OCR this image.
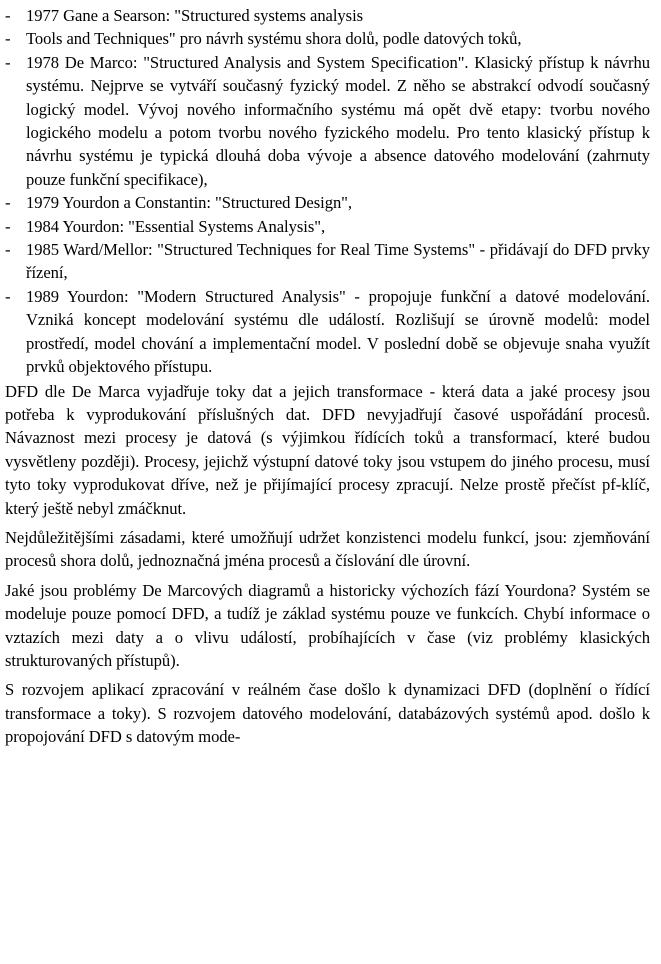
- 1977 Gane a Searson: "Structured systems analysis
- Tools and Techniques" pro návrh systému shora dolů, podle datových toků,
- 1978 De Marco: "Structured Analysis and System Specification". Klasický přístup k návrhu systému. Nejprve se vytváří současný fyzický model. Z něho se abstrakcí odvodí současný logický model. Vývoj nového informačního systému má opět dvě etapy: tvorbu nového logického modelu a potom tvorbu nového fyzického modelu. Pro tento klasický přístup k návrhu systému je typická dlouhá doba vývoje a absence datového modelování (zahrnuty pouze funkční specifikace),
- 1979 Yourdon a Constantin: "Structured Design",
- 1984 Yourdon: "Essential Systems Analysis",
- 1985 Ward/Mellor: "Structured Techniques for Real Time Systems" - přidávají do DFD prvky řízení,
- 1989 Yourdon: "Modern Structured Analysis" - propojuje funkční a datové modelování. Vzniká koncept modelování systému dle událostí. Rozlišují se úrovně modelů: model prostředí, model chování a implementační model. V poslední době se objevuje snaha využít prvků objektového přístupu.

DFD dle De Marca vyjadřuje toky dat a jejich transformace - která data a jaké procesy jsou potřeba k vyprodukování příslušných dat. DFD nevyjadřují časové uspořádání procesů. Návaznost mezi procesy je datová (s výjimkou řídících toků a transformací, které budou vysvětleny později). Procesy, jejichž výstupní datové toky jsou vstupem do jiného procesu, musí tyto toky vyprodukovat dříve, než je přijímající procesy zpracují. Nelze prostě přečíst pf-klíč, který ještě nebyl zmáčknut.

Nejdůležitějšími zásadami, které umožňují udržet konzistenci modelu funkcí, jsou: zjemňování procesů shora dolů, jednoznačná jména procesů a číslování dle úrovní.

Jaké jsou problémy De Marcových diagramů a historicky výchozích fází Yourdona? Systém se modeluje pouze pomocí DFD, a tudíž je základ systému pouze ve funkcích. Chybí informace o vztazích mezi daty a o vlivu událostí, probíhajících v čase (viz problémy klasických strukturovaných přístupů).

S rozvojem aplikací zpracování v reálném čase došlo k dynamizaci DFD (doplnění o řídící transformace a toky). S rozvojem datového modelování, databázových systémů apod. došlo k propojování DFD s datovým mode-
